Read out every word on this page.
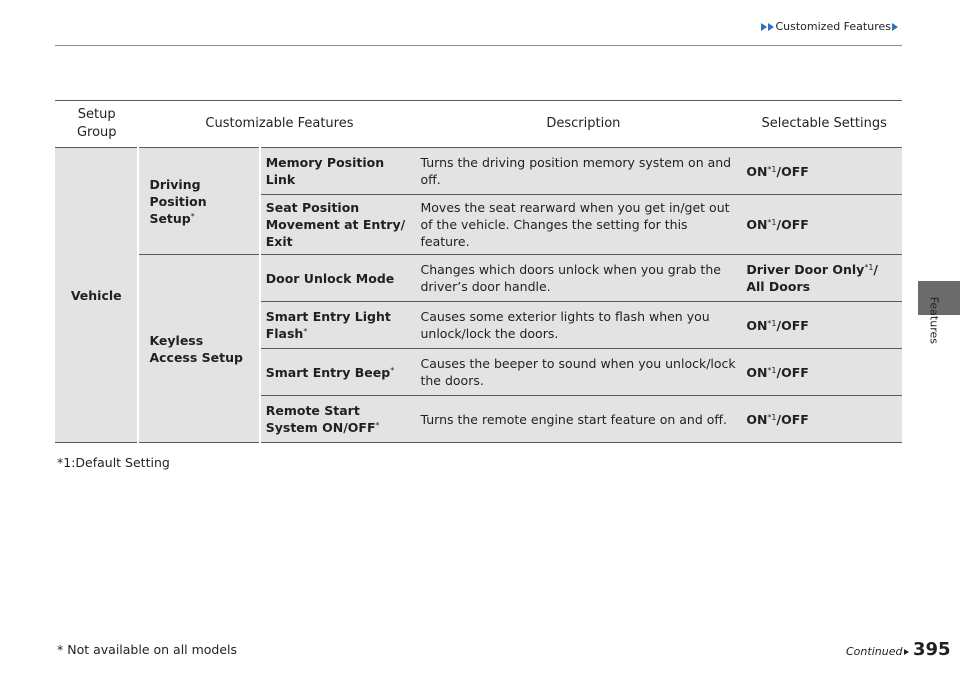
Customized Features
Features
Setup Group	Customizable Features		Description	Selectable Settings
Vehicle	Driving Position Setup*	Memory Position Link	Turns the driving position memory system on and off.	ON$^{*1}$/OFF
		Seat Position Movement at Entry/ Exit	Moves the seat rearward when you get in/get out of the vehicle. Changes the setting for this feature.	ON$^{*1}$/OFF
	Keyless Access Setup	Door Unlock Mode	Changes which doors unlock when you grab the driver’s door handle.	Driver Door Only$^{*1}$/ All Doors
		Smart Entry Light Flash*	Causes some exterior lights to flash when you unlock/lock the doors.	ON$^{*1}$/OFF
		Smart Entry Beep*	Causes the beeper to sound when you unlock/lock the doors.	ON$^{*1}$/OFF
		Remote Start System ON/OFF*	Turns the remote engine start feature on and off.	ON$^{*1}$/OFF
*1:Default Setting
* Not available on all models	Continued 395
